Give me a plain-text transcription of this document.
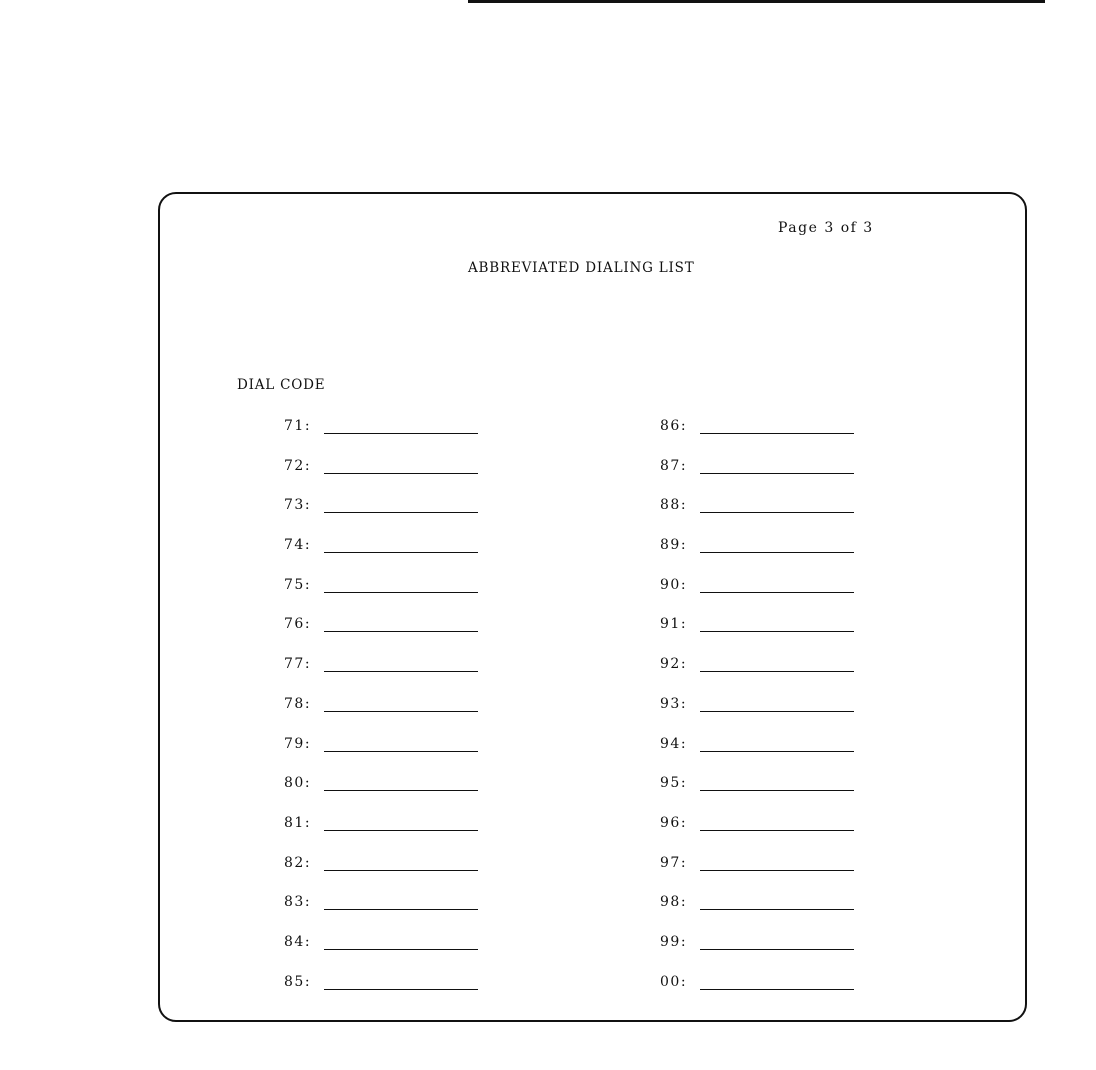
Page 3 of 3
ABBREVIATED DIALING LIST
DIAL CODE
71:
72:
73:
74:
75:
76:
77:
78:
79:
80:
81:
82:
83:
84:
85:
86:
87:
88:
89:
90:
91:
92:
93:
94:
95:
96:
97:
98:
99:
00:
